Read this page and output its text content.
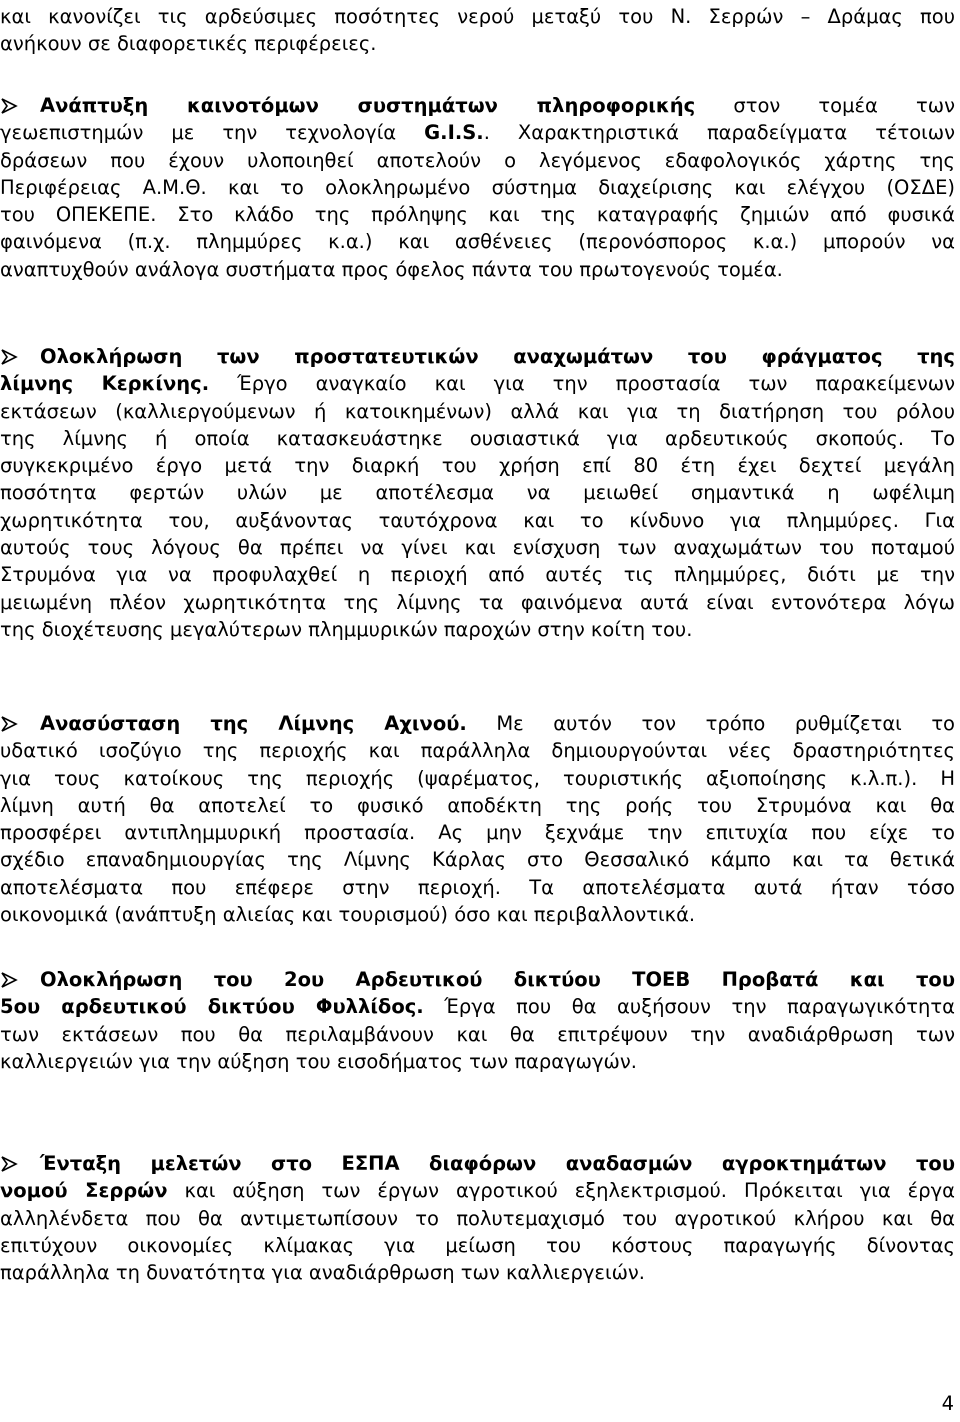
και κανονίζει τις αρδεύσιμες ποσότητες νερού μεταξύ του Ν. Σερρών – Δράμας που
ανήκουν σε διαφορετικές περιφέρειες.
Ανάπτυξη καινοτόμων συστημάτων πληροφορικής στον τομέα των
γεωεπιστημών με την τεχνολογία G.I.S.. Χαρακτηριστικά παραδείγματα τέτοιων
δράσεων που έχουν υλοποιηθεί αποτελούν ο λεγόμενος εδαφολογικός χάρτης της
Περιφέρειας Α.Μ.Θ. και το ολοκληρωμένο σύστημα διαχείρισης και ελέγχου (ΟΣΔΕ)
του ΟΠΕΚΕΠΕ. Στο κλάδο της πρόληψης και της καταγραφής ζημιών από φυσικά
φαινόμενα (π.χ. πλημμύρες κ.α.) και ασθένειες (περονόσπορος κ.α.) μπορούν να
αναπτυχθούν ανάλογα συστήματα προς όφελος πάντα του πρωτογενούς τομέα.
Ολοκλήρωση των προστατευτικών αναχωμάτων του φράγματος της
λίμνης Κερκίνης. Έργο αναγκαίο και για την προστασία των παρακείμενων
εκτάσεων (καλλιεργούμενων ή κατοικημένων) αλλά και για τη διατήρηση του ρόλου
της λίμνης ή οποία κατασκευάστηκε ουσιαστικά για αρδευτικούς σκοπούς. Το
συγκεκριμένο έργο μετά την διαρκή του χρήση επί 80 έτη έχει δεχτεί μεγάλη
ποσότητα φερτών υλών με αποτέλεσμα να μειωθεί σημαντικά η ωφέλιμη
χωρητικότητα του, αυξάνοντας ταυτόχρονα και το κίνδυνο για πλημμύρες. Για
αυτούς τους λόγους θα πρέπει να γίνει και ενίσχυση των αναχωμάτων του ποταμού
Στρυμόνα για να προφυλαχθεί η περιοχή από αυτές τις πλημμύρες, διότι με την
μειωμένη πλέον χωρητικότητα της λίμνης τα φαινόμενα αυτά είναι εντονότερα λόγω
της διοχέτευσης μεγαλύτερων πλημμυρικών παροχών στην κοίτη του.
Ανασύσταση της Λίμνης Αχινού. Με αυτόν τον τρόπο ρυθμίζεται το
υδατικό ισοζύγιο της περιοχής και παράλληλα δημιουργούνται νέες δραστηριότητες
για τους κατοίκους της περιοχής (ψαρέματος, τουριστικής αξιοποίησης κ.λ.π.). Η
λίμνη αυτή θα αποτελεί το φυσικό αποδέκτη της ροής του Στρυμόνα και θα
προσφέρει αντιπλημμυρική προστασία. Ας μην ξεχνάμε την επιτυχία που είχε το
σχέδιο επαναδημιουργίας της Λίμνης Κάρλας στο Θεσσαλικό κάμπο και τα θετικά
αποτελέσματα που επέφερε στην περιοχή. Τα αποτελέσματα αυτά ήταν τόσο
οικονομικά (ανάπτυξη αλιείας και τουρισμού) όσο και περιβαλλοντικά.
Ολοκλήρωση του 2ου Αρδευτικού δικτύου ΤΟΕΒ Προβατά και του
5ου αρδευτικού δικτύου Φυλλίδος. Έργα που θα αυξήσουν την παραγωγικότητα
των εκτάσεων που θα περιλαμβάνουν και θα επιτρέψουν την αναδιάρθρωση των
καλλιεργειών για την αύξηση του εισοδήματος των παραγωγών.
Ένταξη μελετών στο ΕΣΠΑ διαφόρων αναδασμών αγροκτημάτων του
νομού Σερρών και αύξηση των έργων αγροτικού εξηλεκτρισμού. Πρόκειται για έργα
αλληλένδετα που θα αντιμετωπίσουν το πολυτεμαχισμό του αγροτικού κλήρου και θα
επιτύχουν οικονομίες κλίμακας για μείωση του κόστους παραγωγής δίνοντας
παράλληλα τη δυνατότητα για αναδιάρθρωση των καλλιεργειών.
4
